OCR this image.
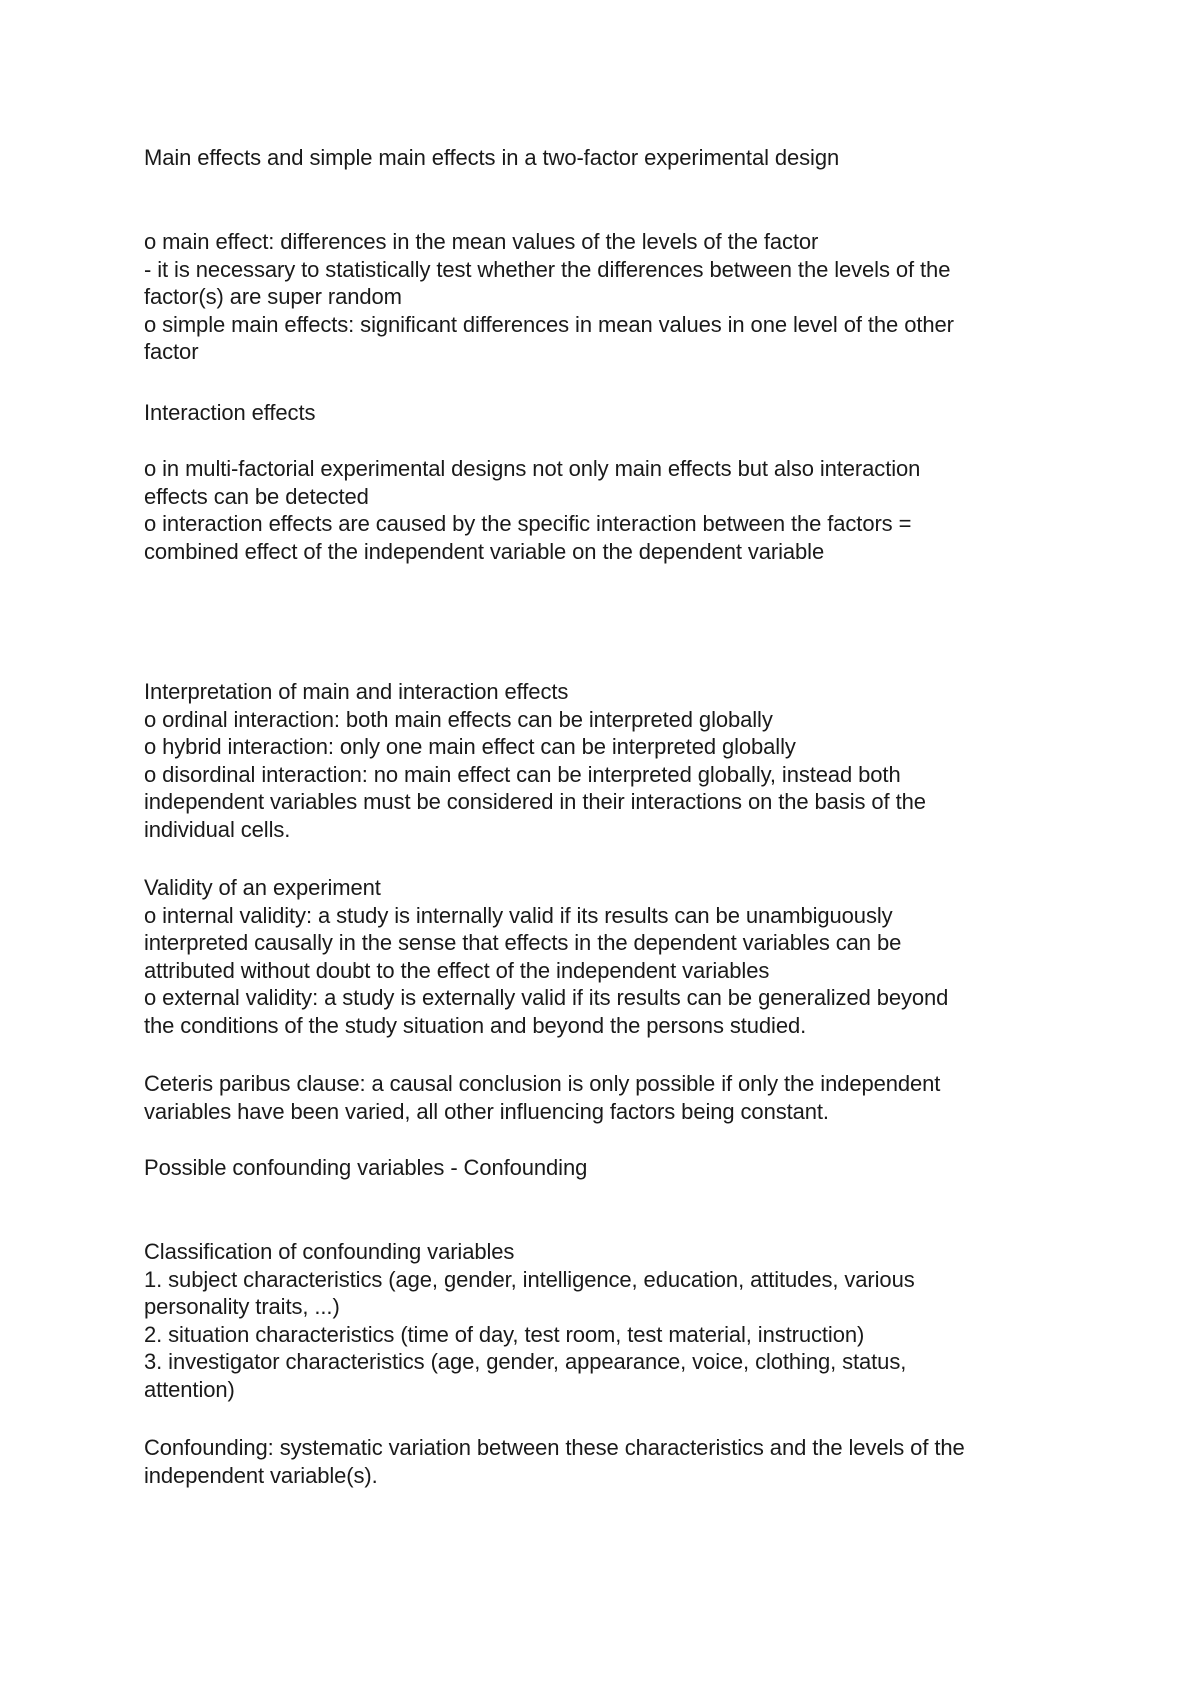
Main effects and simple main effects in a two-factor experimental design

o main effect: differences in the mean values of the levels of the factor
- it is necessary to statistically test whether the differences between the levels of the
factor(s) are super random
o simple main effects: significant differences in mean values in one level of the other
factor

Interaction effects

o in multi-factorial experimental designs not only main effects but also interaction
effects can be detected
o interaction effects are caused by the specific interaction between the factors =
combined effect of the independent variable on the dependent variable

Interpretation of main and interaction effects
o ordinal interaction: both main effects can be interpreted globally
o hybrid interaction: only one main effect can be interpreted globally
o disordinal interaction: no main effect can be interpreted globally, instead both
independent variables must be considered in their interactions on the basis of the
individual cells.

Validity of an experiment
o internal validity: a study is internally valid if its results can be unambiguously
interpreted causally in the sense that effects in the dependent variables can be
attributed without doubt to the effect of the independent variables
o external validity: a study is externally valid if its results can be generalized beyond
the conditions of the study situation and beyond the persons studied.

Ceteris paribus clause: a causal conclusion is only possible if only the independent
variables have been varied, all other influencing factors being constant.

Possible confounding variables - Confounding

Classification of confounding variables
1. subject characteristics (age, gender, intelligence, education, attitudes, various
personality traits, ...)
2. situation characteristics (time of day, test room, test material, instruction)
3. investigator characteristics (age, gender, appearance, voice, clothing, status,
attention)

Confounding: systematic variation between these characteristics and the levels of the
independent variable(s).
